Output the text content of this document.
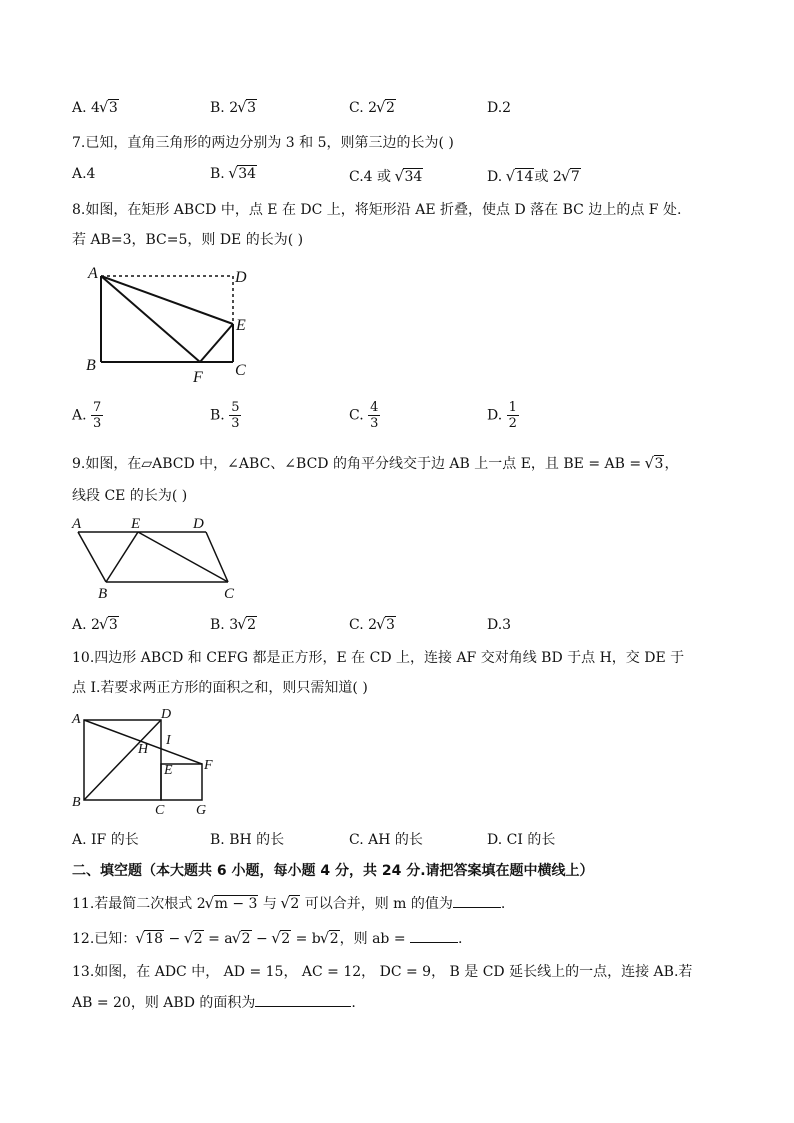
A. 4 √ 3	B. 2 √ 3	C. 2 √ 2	D.2
7.已知，直角三角形的两边分别为 3 和 5，则第三边的长为( )
A.4	B. √ 34	C.4 或 √ 34	D. √ 14或 2 √ 7
8.如图，在矩形 ABCD 中，点 E 在 DC 上，将矩形沿 AE 折叠，使点 D 落在 BC 边上的点 F 处.
若 AB=3，BC=5，则 DE 的长为( )
A	D
E
B
F C
A. $\frac{7}{3}$	B. $\frac{5}{3}$	C. $\frac{4}{3}$	D. $\frac{1}{2}$
9.如图，在▱ABCD 中，∠ABC、∠BCD 的角平分线交于边 AB 上一点 E，且 BE = AB = √ 3，
线段 CE 的长为( )
A	E	D
B	C
A. 2 √ 3	B. 3 √ 2	C. 2 √ 3	D.3
10.四边形 ABCD 和 CEFG 都是正方形，E 在 CD 上，连接 AF 交对角线 BD 于点 H，交 DE 于
点 I.若要求两正方形的面积之和，则只需知道( )
A	D
I
H
E F
B
C G
A. IF 的长	B. BH 的长	C. AH 的长	D. CI 的长
二、填空题（本大题共 6 小题，每小题 4 分，共 24 分.请把答案填在题中横线上）
11.若最简二次根式 2 √ m − 3 与 √ 2 可以合并，则 m 的值为	.
12.已知： √ 18 − √ 2 = a √ 2 − √ 2 = b √ 2，则 ab =	.
13.如图，在 ADC 中， AD = 15， AC = 12， DC = 9， B 是 CD 延长线上的一点，连接 AB.若
AB = 20，则 ABD 的面积为	.
